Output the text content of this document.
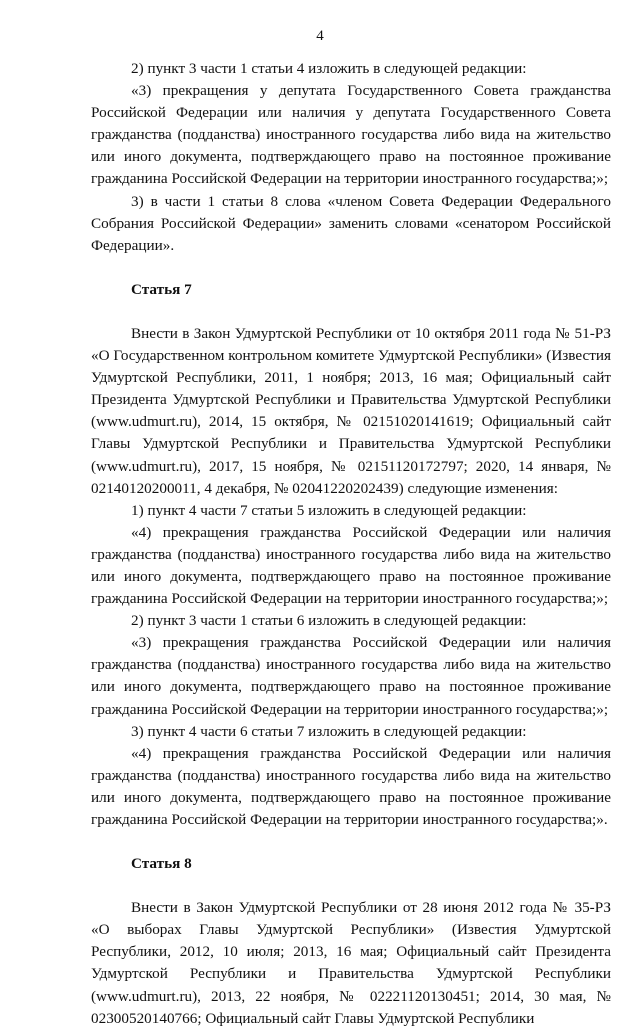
4

2) пункт 3 части 1 статьи 4 изложить в следующей редакции:

«3) прекращения у депутата Государственного Совета гражданства Российской Федерации или наличия у депутата Государственного Совета гражданства (подданства) иностранного государства либо вида на жительство или иного документа, подтверждающего право на постоянное проживание гражданина Российской Федерации на территории иностранного государства;»;

3) в части 1 статьи 8 слова «членом Совета Федерации Федерального Собрания Российской Федерации» заменить словами «сенатором Российской Федерации».

Статья 7

Внести в Закон Удмуртской Республики от 10 октября 2011 года № 51-РЗ «О Государственном контрольном комитете Удмуртской Республики» (Известия Удмуртской Республики, 2011, 1 ноября; 2013, 16 мая; Официальный сайт Президента Удмуртской Республики и Правительства Удмуртской Республики (www.udmurt.ru), 2014, 15 октября, № 02151020141619; Официальный сайт Главы Удмуртской Республики и Правительства Удмуртской Республики (www.udmurt.ru), 2017, 15 ноября, № 02151120172797; 2020, 14 января, № 02140120200011, 4 декабря, № 02041220202439) следующие изменения:

1) пункт 4 части 7 статьи 5 изложить в следующей редакции:

«4) прекращения гражданства Российской Федерации или наличия гражданства (подданства) иностранного государства либо вида на жительство или иного документа, подтверждающего право на постоянное проживание гражданина Российской Федерации на территории иностранного государства;»;

2) пункт 3 части 1 статьи 6 изложить в следующей редакции:

«3) прекращения гражданства Российской Федерации или наличия гражданства (подданства) иностранного государства либо вида на жительство или иного документа, подтверждающего право на постоянное проживание гражданина Российской Федерации на территории иностранного государства;»;

3) пункт 4 части 6 статьи 7 изложить в следующей редакции:

«4) прекращения гражданства Российской Федерации или наличия гражданства (подданства) иностранного государства либо вида на жительство или иного документа, подтверждающего право на постоянное проживание гражданина Российской Федерации на территории иностранного государства;».

Статья 8

Внести в Закон Удмуртской Республики от 28 июня 2012 года № 35-РЗ «О выборах Главы Удмуртской Республики» (Известия Удмуртской Республики, 2012, 10 июля; 2013, 16 мая; Официальный сайт Президента Удмуртской Республики и Правительства Удмуртской Республики (www.udmurt.ru), 2013, 22 ноября, № 02221120130451; 2014, 30 мая, № 02300520140766; Официальный сайт Главы Удмуртской Республики
